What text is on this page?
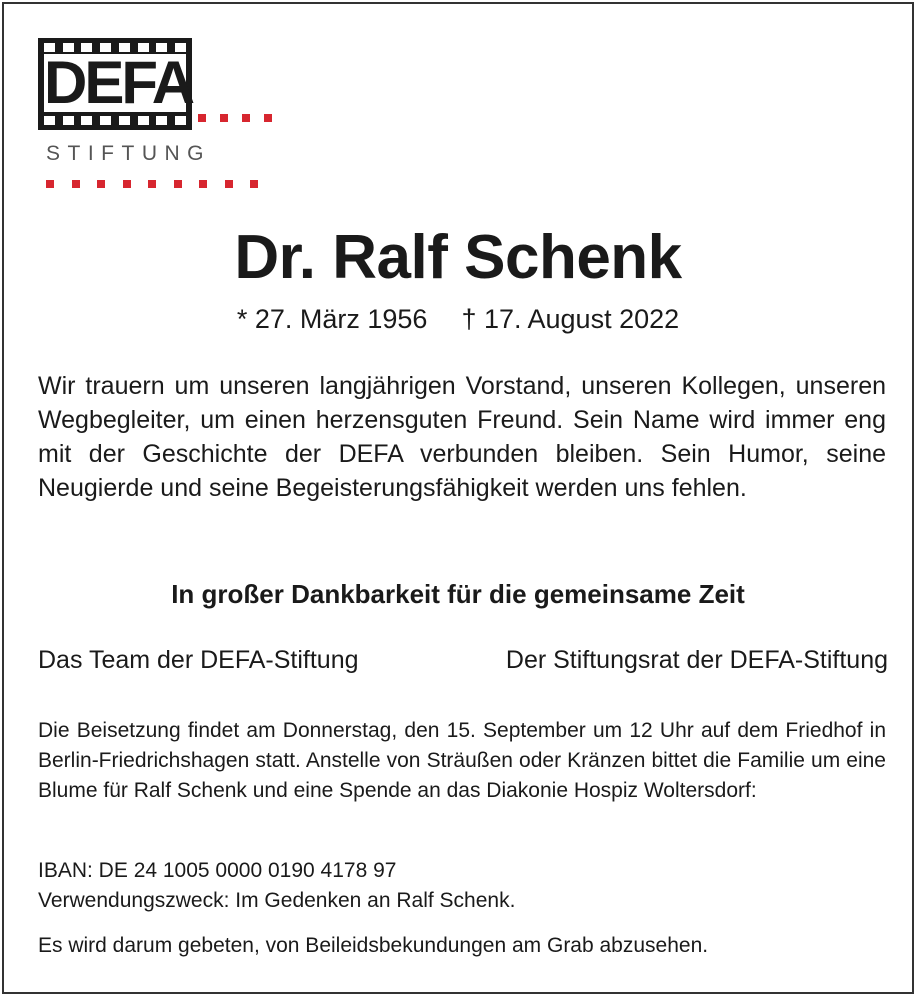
DEFA
STIFTUNG
Dr. Ralf Schenk
* 27. März 1956 † 17. August 2022
Wir trauern um unseren langjährigen Vorstand, unseren Kollegen, unseren Wegbegleiter, um einen herzensguten Freund. Sein Name wird immer eng mit der Geschichte der DEFA verbunden bleiben. Sein Humor, seine Neugierde und seine Begeisterungsfähigkeit werden uns fehlen.
In großer Dankbarkeit für die gemeinsame Zeit
Das Team der DEFA-Stiftung	Der Stiftungsrat der DEFA-Stiftung
Die Beisetzung findet am Donnerstag, den 15. September um 12 Uhr auf dem Friedhof in Berlin-Friedrichshagen statt. Anstelle von Sträußen oder Kränzen bittet die Familie um eine Blume für Ralf Schenk und eine Spende an das Diakonie Hospiz Woltersdorf:
IBAN: DE 24 1005 0000 0190 4178 97
Verwendungszweck: Im Gedenken an Ralf Schenk.
Es wird darum gebeten, von Beileidsbekundungen am Grab abzusehen.
